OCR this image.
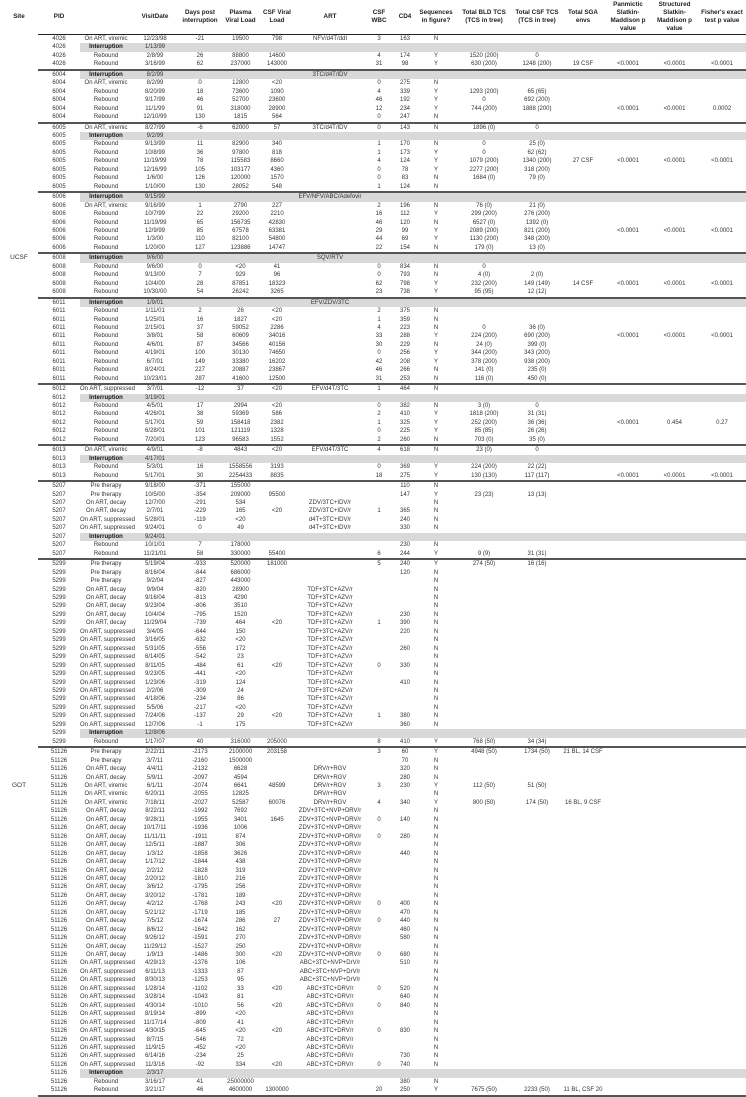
Site	PID		VisitDate	Days post interruption	Plasma Viral Load	CSF Viral Load	ART	CSF WBC	CD4	Sequences in figure?	Total BLD TCS (TCS in tree)	Total CSF TCS (TCS in tree)	Total SGA envs	Panmictic Slatkin-Maddison p value	Structured Slatkin-Maddison p value	Fisher's exact test p value
	4026	On ART, viremic	12/23/98	-21	19500	798	NFV/d4T/ddI	3	163	N						
	4026	Interruption	1/13/99													
	4026	Rebound	2/8/99	26	88800	14600		4	174	Y	1520 (200)	0				
	4026	Rebound	3/16/99	62	237000	143000		31	98	Y	630 (200)	1248 (200)	19 CSF	<0.0001	<0.0001	<0.0001
	6004	Interruption	8/2/99				3TC/d4T/IDV									
	6004	On ART, viremic	8/2/99	0	12800	<20		0	275	N						
	6004	Rebound	8/20/99	18	73600	1090		4	339	Y	1293 (200)	65 (65)				
	6004	Rebound	9/17/99	46	52700	23600		46	192	Y	0	692 (200)				
	6004	Rebound	11/1/99	91	318000	28900		12	234	Y	744 (200)	1888 (200)		<0.0001	<0.0001	0.0002
	6004	Rebound	12/10/99	130	1815	564		0	247	N						
	6005	On ART, viremic	8/27/99	-6	62000	57	3TC/d4T/IDV	0	143	N	1896 (0)	0				
	6005	Interruption	9/2/99													
	6005	Rebound	9/13/99	11	82900	340		1	170	N	0	25 (0)				
	6005	Rebound	10/8/99	36	97800	818		1	173	Y	0	62 (62)				
	6005	Rebound	11/19/99	78	115583	8660		4	124	Y	1079 (200)	1340 (200)	27 CSF	<0.0001	<0.0001	<0.0001
	6005	Rebound	12/16/99	105	103177	4360		0	78	Y	2277 (200)	318 (200)				
	6005	Rebound	1/6/00	126	120000	1570		0	83	N	1684 (0)	79 (0)				
	6005	Rebound	1/10/00	130	28052	548		1	124	N						
	6006	Interruption	9/15/99				EFV/NFV/ABC/Adefovir									
	6006	On ART, viremic	9/16/99	1	2790	227		2	196	N	76 (0)	21 (0)				
	6006	Rebound	10/7/99	22	29200	2210		16	112	Y	299 (200)	276 (200)				
	6006	Rebound	11/19/99	65	156735	42830		46	120	N	6527 (0)	1392 (0)				
	6006	Rebound	12/9/99	85	67578	63381		29	99	Y	2089 (200)	821 (200)		<0.0001	<0.0001	<0.0001
	6006	Rebound	1/3/00	110	82100	54800		44	69	Y	1130 (200)	348 (200)				
	6006	Rebound	1/20/00	127	123886	14747		22	154	N	179 (0)	13 (0)				
UCSF	6008	Interruption	9/6/00				SQV/RTV									
	6008	Rebound	9/6/00	0	<20	41		0	834	N	0					
	6008	Rebound	9/13/00	7	929	96		0	793	N	4 (0)	2 (0)				
	6008	Rebound	10/4/00	28	87851	18323		62	798	Y	232 (200)	149 (149)	14 CSF	<0.0001	<0.0001	<0.0001
	6008	Rebound	10/30/00	54	26242	3265		23	738	Y	95 (95)	12 (12)				
	6011	Interruption	1/9/01				EFV/ZDV/3TC									
	6011	Rebound	1/11/01	2	26	<20		2	375	N						
	6011	Rebound	1/25/01	16	1827	<20		1	359	N						
	6011	Rebound	2/15/01	37	59052	2286		4	223	N	0	36 (0)				
	6011	Rebound	3/8/01	58	60609	34016		33	288	Y	224 (200)	690 (200)		<0.0001	<0.0001	<0.0001
	6011	Rebound	4/6/01	87	34566	40156		30	229	N	24 (0)	399 (0)				
	6011	Rebound	4/19/01	100	30130	74650		0	256	Y	344 (200)	343 (200)				
	6011	Rebound	6/7/01	149	33380	16202		42	208	Y	378 (200)	938 (200)				
	6011	Rebound	8/24/01	227	20887	23867		46	266	N	141 (0)	235 (0)				
	6011	Rebound	10/23/01	287	41600	12500		31	253	N	116 (0)	450 (0)				
	6012	On ART, suppressed	3/7/01	-12	37	<20	EFV/d4T/3TC	1	464	N						
	6012	Interruption	3/19/01													
	6012	Rebound	4/5/01	17	2994	<20		0	382	N	3 (0)	0				
	6012	Rebound	4/26/01	38	59369	586		2	410	Y	1818 (200)	31 (31)				
	6012	Rebound	5/17/01	59	158418	2382		1	325	Y	252 (200)	36 (36)		<0.0001	0.454	0.27
	6012	Rebound	6/28/01	101	121119	1328		0	225	Y	85 (85)	26 (26)				
	6012	Rebound	7/20/01	123	96583	1552		2	260	N	703 (0)	35 (0)				
	6013	On ART, viremic	4/9/01	-8	4843	<20	EFV/d4T/3TC	4	618	N	23 (0)	0				
	6013	Interruption	4/17/01													
	6013	Rebound	5/3/01	16	1558556	3193		0	369	Y	224 (200)	22 (22)				
	6013	Rebound	5/17/01	30	2254433	8835		18	275	Y	130 (130)	117 (117)		<0.0001	<0.0001	<0.0001
	5207	Pre therapy	9/18/00	-371	155000				110	N						
	5207	Pre therapy	10/5/00	-354	209000	95500			147	Y	23 (23)	13 (13)				
	5207	On ART, decay	12/7/00	-291	534		ZDV/3TC+IDV/r			N						
	5207	On ART, decay	2/7/01	-229	165	<20	ZDV/3TC+IDV/r	1	365	N						
	5207	On ART, suppressed	5/28/01	-119	<20		d4T+3TC+IDV/r		240	N						
	5207	On ART, suppressed	9/24/01	0	49		d4T+3TC+IDV/r		330	N						
	5207	Interruption	9/24/01													
	5207	Rebound	10/1/01	7	178000				230	N						
	5207	Rebound	11/21/01	58	330000	55400		6	244	Y	9 (9)	31 (31)				
	5299	Pre therapy	5/19/04	-933	520000	181000		5	240	Y	274 (50)	16 (16)				
	5299	Pre therapy	8/16/04	-844	686000				120	N						
	5299	Pre therapy	9/2/04	-827	443000					N						
	5299	On ART, decay	9/9/04	-820	28900		TDF+3TC+AZV/r			N						
	5299	On ART, decay	9/16/04	-813	4290		TDF+3TC+AZV/r			N						
	5299	On ART, decay	9/23/04	-806	3510		TDF+3TC+AZV/r			N						
	5299	On ART, decay	10/4/04	-795	1520		TDF+3TC+AZV/r		230	N						
	5299	On ART, decay	11/29/04	-739	464	<20	TDF+3TC+AZV/r	1	390	N						
	5299	On ART, suppressed	3/4/05	-644	150		TDF+3TC+AZV/r		220	N						
	5299	On ART, suppressed	3/16/05	-632	<20		TDF+3TC+AZV/r			N						
	5299	On ART, suppressed	5/31/05	-556	172		TDF+3TC+AZV/r		260	N						
	5299	On ART, suppressed	6/14/05	-542	23		TDF+3TC+AZV/r			N						
	5299	On ART, suppressed	8/11/05	-484	61	<20	TDF+3TC+AZV/r	0	330	N						
	5299	On ART, suppressed	9/23/05	-441	<20		TDF+3TC+AZV/r			N						
	5299	On ART, suppressed	1/23/06	-319	124		TDF+3TC+AZV/r		410	N						
	5299	On ART, suppressed	2/2/06	-309	24		TDF+3TC+AZV/r			N						
	5299	On ART, suppressed	4/18/06	-234	86		TDF+3TC+AZV/r			N						
	5299	On ART, suppressed	5/5/06	-217	<20		TDF+3TC+AZV/r			N						
	5299	On ART, suppressed	7/24/06	-137	29	<20	TDF+3TC+AZV/r	1	380	N						
	5299	On ART, suppressed	12/7/06	-1	175		TDF+3TC+AZV/r		360	N						
	5299	Interruption	12/8/06													
	5299	Rebound	1/17/07	40	316000	205000		8	410	Y	768 (50)	34 (34)				
	51126	Pre therapy	2/22/11	-2173	2100000	203158		3	60	Y	4948 (50)	1734 (50)	21 BL, 14 CSF			
	51126	Pre therapy	3/7/11	-2160	1500000				70	N						
	51126	On ART, decay	4/4/11	-2132	6628		DRV/r+RGV		320	N						
	51126	On ART, decay	5/9/11	-2097	4594		DRV/r+RGV		280	N						
GOT	51126	On ART, viremic	6/1/11	-2074	6641	48599	DRV/r+RGV	3	230	Y	112 (50)	51 (50)				
	51126	On ART, viremic	6/20/11	-2055	12825		DRV/r+RGV			N						
	51126	On ART, viremic	7/18/11	-2027	52587	60076	DRV/r+RGV	4	340	Y	800 (50)	174 (50)	16 BL, 9 CSF			
	51126	On ART, decay	8/22/11	-1992	7692		ZDV+3TC+NVP+DRV/r			N						
	51126	On ART, decay	9/28/11	-1955	3401	1645	ZDV+3TC+NVP+DRV/r	0	140	N						
	51126	On ART, decay	10/17/11	-1936	1006		ZDV+3TC+NVP+DRV/r			N						
	51126	On ART, decay	11/11/11	-1911	874		ZDV+3TC+NVP+DRV/r	0	280	N						
	51126	On ART, decay	12/5/11	-1887	306		ZDV+3TC+NVP+DRV/r			N						
	51126	On ART, decay	1/3/12	-1858	3626		ZDV+3TC+NVP+DRV/r		440	N						
	51126	On ART, decay	1/17/12	-1844	438		ZDV+3TC+NVP+DRV/r			N						
	51126	On ART, decay	2/2/12	-1828	319		ZDV+3TC+NVP+DRV/r			N						
	51126	On ART, decay	2/20/12	-1810	216		ZDV+3TC+NVP+DRV/r			N						
	51126	On ART, decay	3/6/12	-1795	256		ZDV+3TC+NVP+DRV/r			N						
	51126	On ART, decay	3/20/12	-1781	189		ZDV+3TC+NVP+DRV/r			N						
	51126	On ART, decay	4/2/12	-1768	243	<20	ZDV+3TC+NVP+DRV/r	0	400	N						
	51126	On ART, decay	5/21/12	-1719	185		ZDV+3TC+NVP+DRV/r		470	N						
	51126	On ART, decay	7/5/12	-1674	286	27	ZDV+3TC+NVP+DRV/r	0	440	N						
	51126	On ART, decay	8/6/12	-1642	162		ZDV+3TC+NVP+DRV/r		460	N						
	51126	On ART, decay	9/26/12	-1591	270		ZDV+3TC+NVP+DRV/r		580	N						
	51126	On ART, decay	11/29/12	-1527	250		ZDV+3TC+NVP+DRV/r			N						
	51126	On ART, decay	1/9/13	-1486	300	<20	ZDV+3TC+NVP+DRV/r	0	680	N						
	51126	On ART, suppressed	4/29/13	-1376	106		ABC+3TC+NVP+DrV/r		510	N						
	51126	On ART, suppressed	6/11/13	-1333	87		ABC+3TC+NVP+DrV/r			N						
	51126	On ART, suppressed	8/30/13	-1253	95		ABC+3TC+NVP+DrV/r			N						
	51126	On ART, suppressed	1/28/14	-1102	33	<20	ABC+3TC+DRV/r	0	520	N						
	51126	On ART, suppressed	3/28/14	-1043	81		ABC+3TC+DRV/r		640	N						
	51126	On ART, suppressed	4/30/14	-1010	56	<20	ABC+3TC+DRV/r	0	840	N						
	51126	On ART, suppressed	8/19/14	-899	<20		ABC+3TC+DRV/r			N						
	51126	On ART, suppressed	11/17/14	-809	41		ABC+3TC+DRV/r			N						
	51126	On ART, suppressed	4/30/15	-645	<20	<20	ABC+3TC+DRV/r	0	830	N						
	51126	On ART, suppressed	8/7/15	-546	72		ABC+3TC+DRV/r			N						
	51126	On ART, suppressed	11/9/15	-452	<20		ABC+3TC+DRV/r			N						
	51126	On ART, suppressed	6/14/16	-234	25		ABC+3TC+DRV/r		730	N						
	51126	On ART, suppressed	11/3/16	-92	334	<20	ABC+3TC+DRV/r	0	740	N						
	51126	Interruption	2/3/17													
	51126	Rebound	3/16/17	41	25000000				380	N						
	51126	Rebound	3/21/17	46	4600000	1300000		20	250	Y	7675 (50)	2233 (50)	11 BL, CSF 20			
